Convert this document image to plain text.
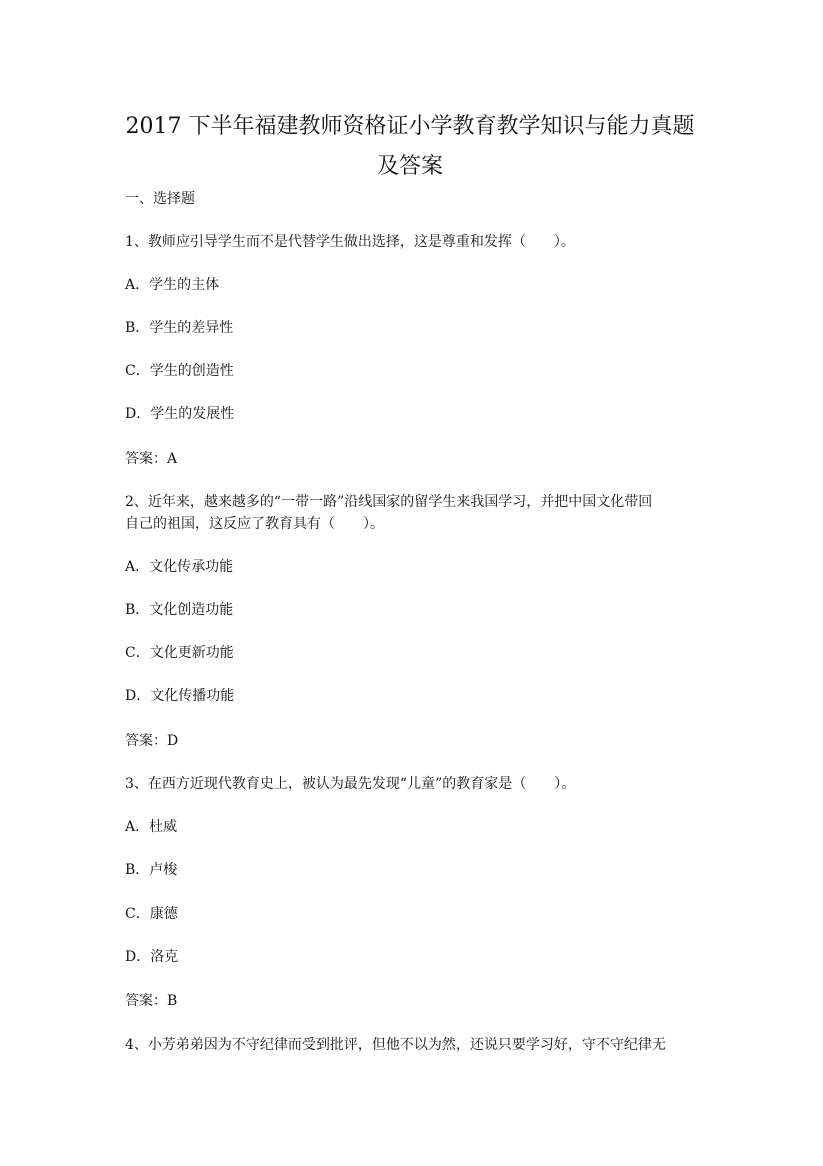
2017 下半年福建教师资格证小学教育教学知识与能力真题
及答案
一、选择题
1、教师应引导学生而不是代替学生做出选择，这是尊重和发挥（　　）。
A．学生的主体
B．学生的差异性
C．学生的创造性
D．学生的发展性
答案：A
2、近年来，越来越多的“一带一路”沿线国家的留学生来我国学习，并把中国文化带回
自己的祖国，这反应了教育具有（　　）。
A．文化传承功能
B．文化创造功能
C．文化更新功能
D．文化传播功能
答案：D
3、在西方近现代教育史上，被认为最先发现“儿童”的教育家是（　　）。
A．杜威
B．卢梭
C．康德
D．洛克
答案：B
4、小芳弟弟因为不守纪律而受到批评，但他不以为然，还说只要学习好，守不守纪律无
